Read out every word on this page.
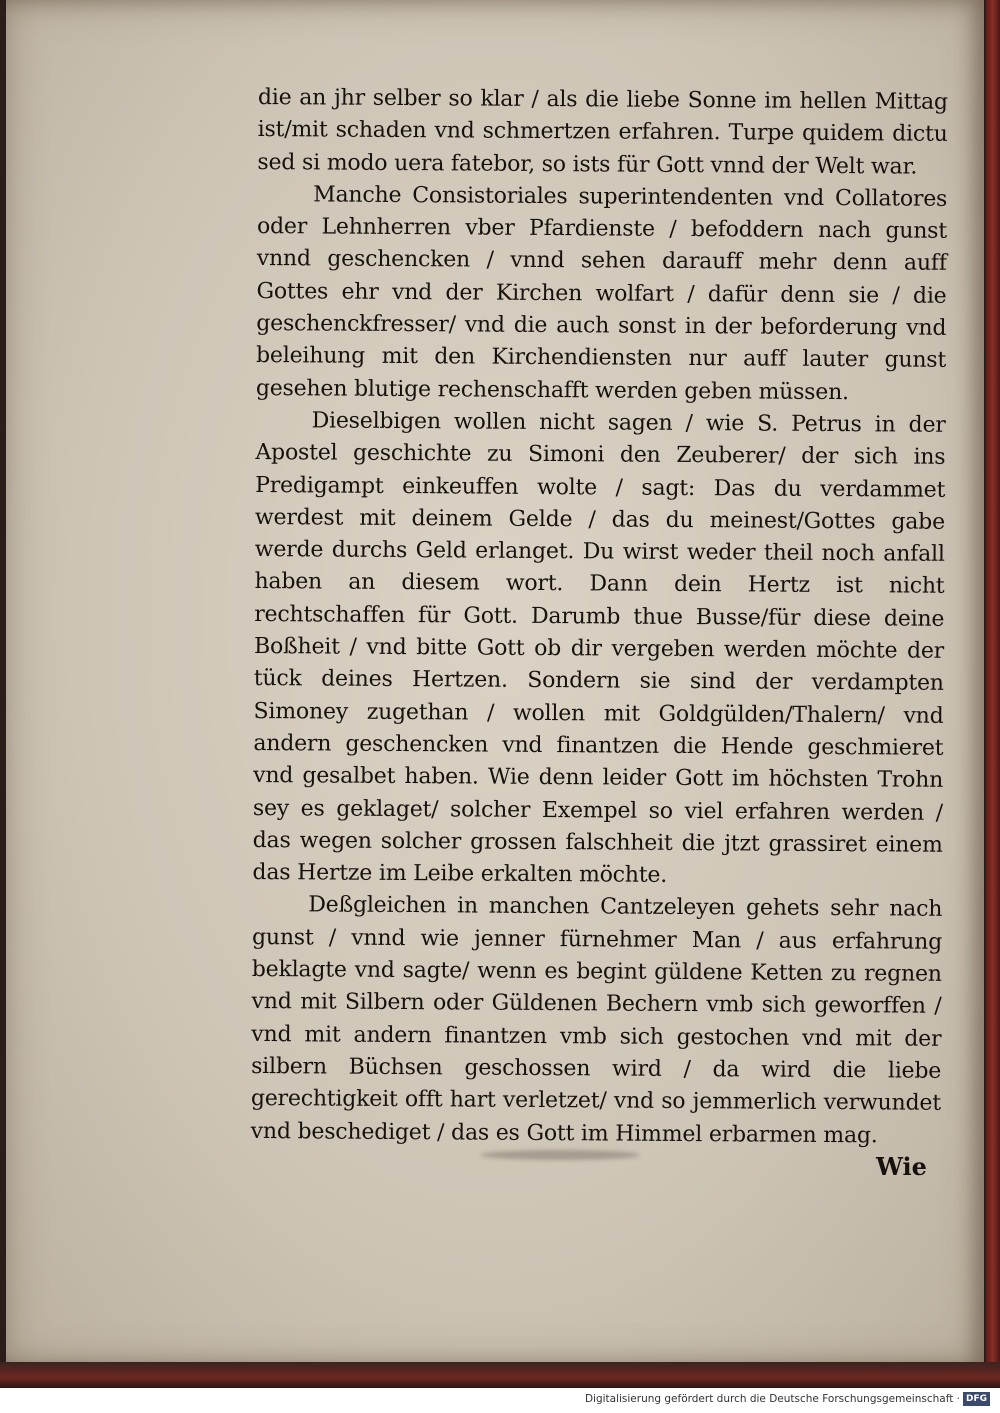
die an jhr selber so klar / als die liebe Sonne im hellen Mittag ist/mit schaden vnd schmertzen erfahren. Turpe quidem dictu sed si modo uera fatebor, so ists für Gott vnnd der Welt war.

Manche Consistoriales superintendenten vnd Collatores oder Lehnherren vber Pfardienste / befoddern nach gunst vnnd geschencken / vnnd sehen darauff mehr denn auff Gottes ehr vnd der Kirchen wolfart / dafür denn sie / die geschenckfresser/ vnd die auch sonst in der beforderung vnd beleihung mit den Kirchendiensten nur auff lauter gunst gesehen blutige rechenschafft werden geben müssen.

Dieselbigen wollen nicht sagen / wie S. Petrus in der Apostel geschichte zu Simoni den Zeuberer/ der sich ins Predigampt einkeuffen wolte / sagt: Das du verdammet werdest mit deinem Gelde / das du meinest/Gottes gabe werde durchs Geld erlanget. Du wirst weder theil noch anfall haben an diesem wort. Dann dein Hertz ist nicht rechtschaffen für Gott. Darumb thue Busse/für diese deine Boßheit / vnd bitte Gott ob dir vergeben werden möchte der tück deines Hertzen. Sondern sie sind der verdampten Simoney zugethan / wollen mit Goldgülden/Thalern/ vnd andern geschencken vnd finantzen die Hende geschmieret vnd gesalbet haben. Wie denn leider Gott im höchsten Trohn sey es geklaget/ solcher Exempel so viel erfahren werden / das wegen solcher grossen falschheit die jtzt grassiret einem das Hertze im Leibe erkalten möchte.

Deßgleichen in manchen Cantzeleyen gehets sehr nach gunst / vnnd wie jenner fürnehmer Man / aus erfahrung beklagte vnd sagte/ wenn es begint güldene Ketten zu regnen vnd mit Silbern oder Güldenen Bechern vmb sich geworffen / vnd mit andern finantzen vmb sich gestochen vnd mit der silbern Büchsen geschossen wird / da wird die liebe gerechtigkeit offt hart verletzet/ vnd so jemmerlich verwundet vnd beschediget / das es Gott im Himmel erbarmen mag.

Wie
Digitalisierung gefördert durch die Deutsche Forschungsgemeinschaft · DFG
